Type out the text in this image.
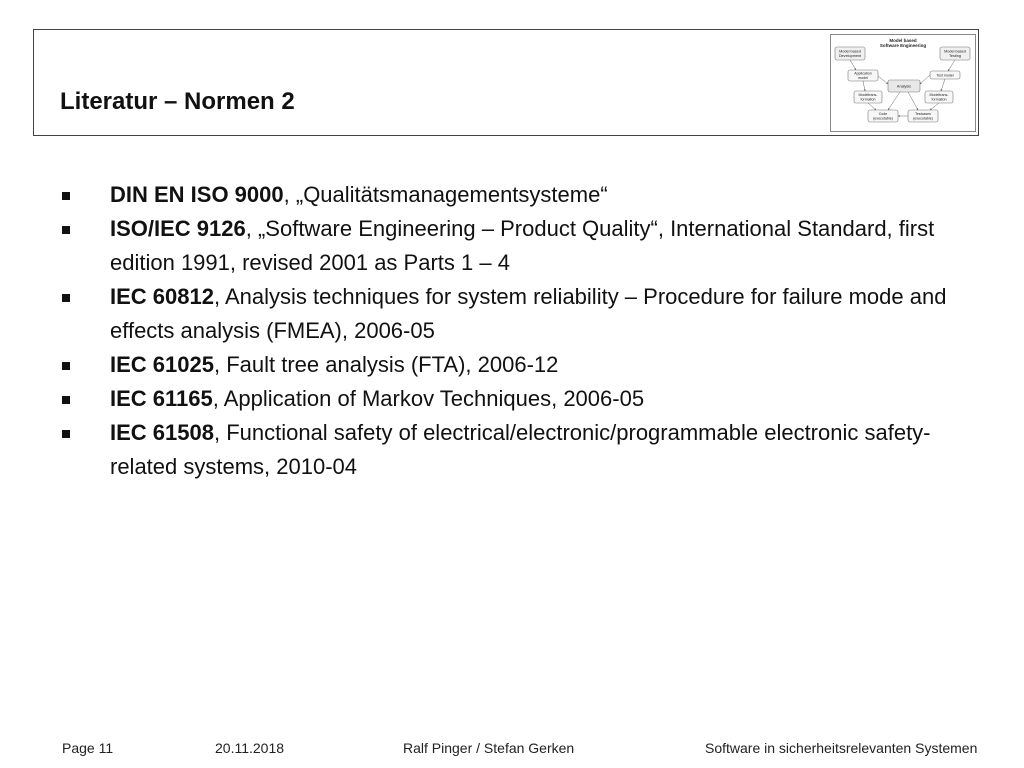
Literatur – Normen 2
Model based
Software Engineering
Model based
Development
Model based
Testing
Application
model
Test model
Analysis
Modeltrans-
formation
Modeltrans-
formation
Code
(executable)
Testcases
(executable)
DIN EN ISO 9000, „Qualitätsmanagementsysteme“
ISO/IEC 9126, „Software Engineering – Product Quality“, International Standard, first edition 1991, revised 2001 as Parts 1 – 4
IEC 60812, Analysis techniques for system reliability – Procedure for failure mode and effects analysis (FMEA), 2006-05
IEC 61025, Fault tree analysis (FTA), 2006-12
IEC 61165, Application of Markov Techniques, 2006-05
IEC 61508, Functional safety of electrical/electronic/programmable electronic safety-related systems, 2010-04
Page 11	20.11.2018	Ralf Pinger / Stefan Gerken	Software in sicherheitsrelevanten Systemen
